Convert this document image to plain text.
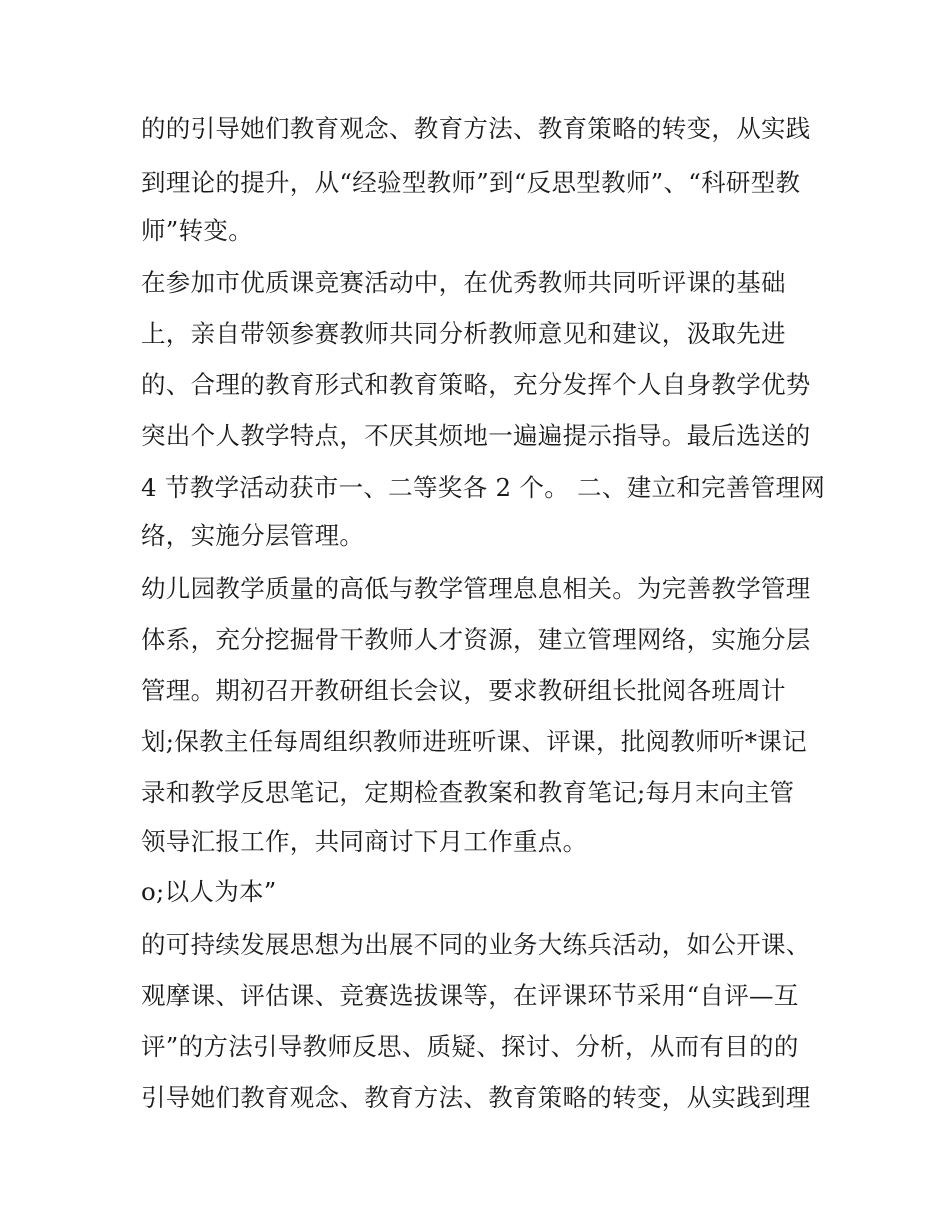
的的引导她们教育观念、教育方法、教育策略的转变，从实践
到理论的提升，从“经验型教师”到“反思型教师”、“科研型教
师”转变。
在参加市优质课竞赛活动中，在优秀教师共同听评课的基础
上，亲自带领参赛教师共同分析教师意见和建议，汲取先进
的、合理的教育形式和教育策略，充分发挥个人自身教学优势
突出个人教学特点，不厌其烦地一遍遍提示指导。最后选送的
4 节教学活动获市一、二等奖各 2 个。 二、建立和完善管理网
络，实施分层管理。
幼儿园教学质量的高低与教学管理息息相关。为完善教学管理
体系，充分挖掘骨干教师人才资源，建立管理网络，实施分层
管理。期初召开教研组长会议，要求教研组长批阅各班周计
划;保教主任每周组织教师进班听课、评课，批阅教师听*课记
录和教学反思笔记，定期检查教案和教育笔记;每月末向主管
领导汇报工作，共同商讨下月工作重点。
o;以人为本”
的可持续发展思想为出展不同的业务大练兵活动，如公开课、
观摩课、评估课、竞赛选拔课等，在评课环节采用“自评—互
评”的方法引导教师反思、质疑、探讨、分析，从而有目的的
引导她们教育观念、教育方法、教育策略的转变，从实践到理
